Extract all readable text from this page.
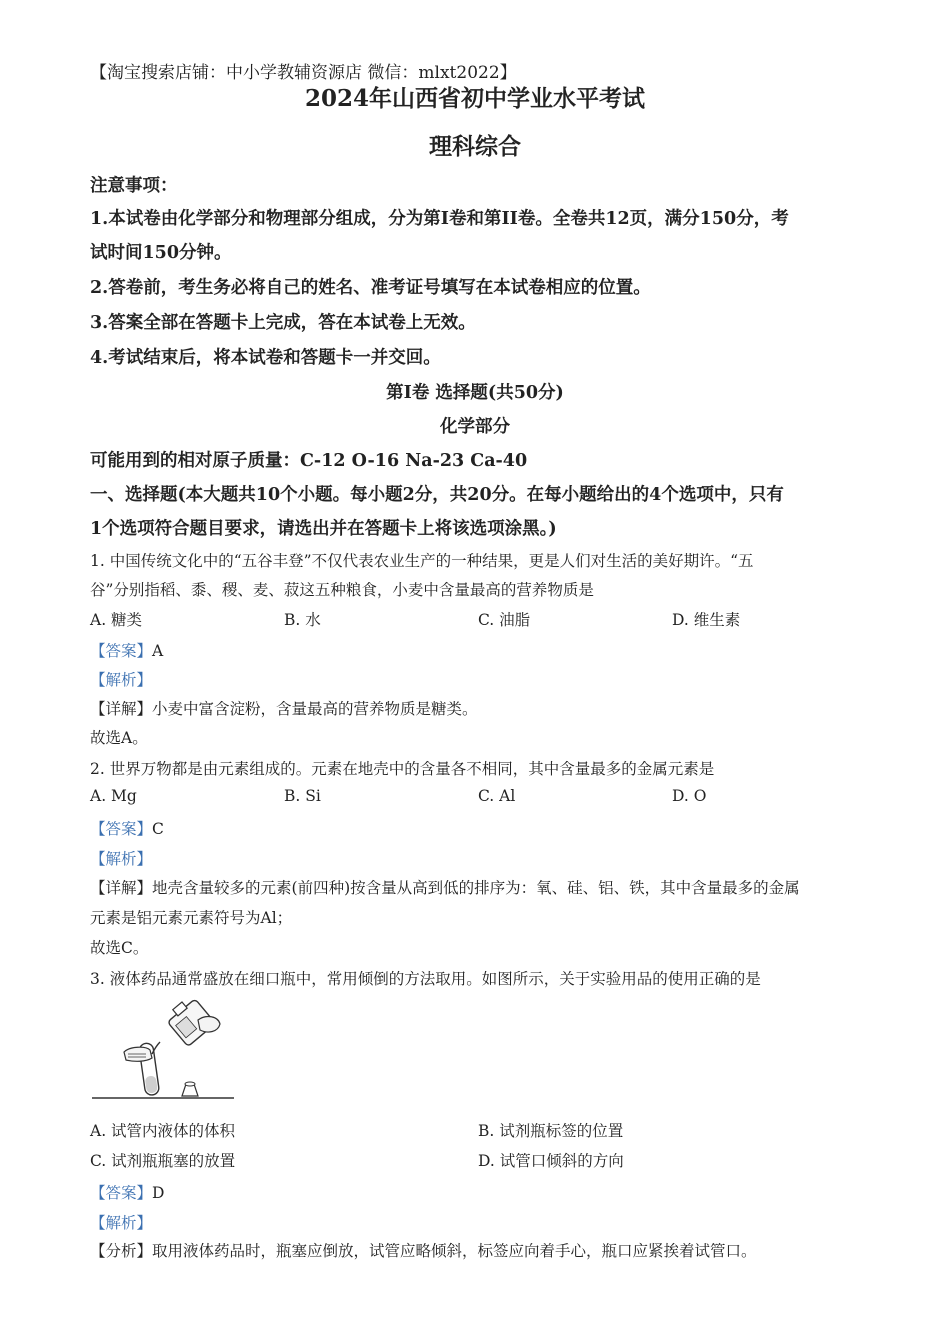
【淘宝搜索店铺：中小学教辅资源店 微信：mlxt2022】
2024年山西省初中学业水平考试
理科综合
注意事项：
1.本试卷由化学部分和物理部分组成，分为第I卷和第II卷。全卷共12页，满分150分，考
试时间150分钟。
2.答卷前，考生务必将自己的姓名、准考证号填写在本试卷相应的位置。
3.答案全部在答题卡上完成，答在本试卷上无效。
4.考试结束后，将本试卷和答题卡一并交回。
第I卷 选择题(共50分)
化学部分
可能用到的相对原子质量：C-12 O-16 Na-23 Ca-40
一、选择题(本大题共10个小题。每小题2分，共20分。在每小题给出的4个选项中，只有
1个选项符合题目要求，请选出并在答题卡上将该选项涂黑。)
1. 中国传统文化中的“五谷丰登”不仅代表农业生产的一种结果，更是人们对生活的美好期许。“五
谷”分别指稻、黍、稷、麦、菽这五种粮食，小麦中含量最高的营养物质是
A. 糖类	B. 水	C. 油脂	D. 维生素
【答案】A
【解析】
【详解】小麦中富含淀粉，含量最高的营养物质是糖类。
故选A。
2. 世界万物都是由元素组成的。元素在地壳中的含量各不相同，其中含量最多的金属元素是
A. Mg	B. Si	C. Al	D. O
【答案】C
【解析】
【详解】地壳含量较多的元素(前四种)按含量从高到低的排序为：氧、硅、铝、铁，其中含量最多的金属
元素是铝元素元素符号为Al；
故选C。
3. 液体药品通常盛放在细口瓶中，常用倾倒的方法取用。如图所示，关于实验用品的使用正确的是
A. 试管内液体的体积	B. 试剂瓶标签的位置
C. 试剂瓶瓶塞的放置	D. 试管口倾斜的方向
【答案】D
【解析】
【分析】取用液体药品时，瓶塞应倒放，试管应略倾斜，标签应向着手心，瓶口应紧挨着试管口。
